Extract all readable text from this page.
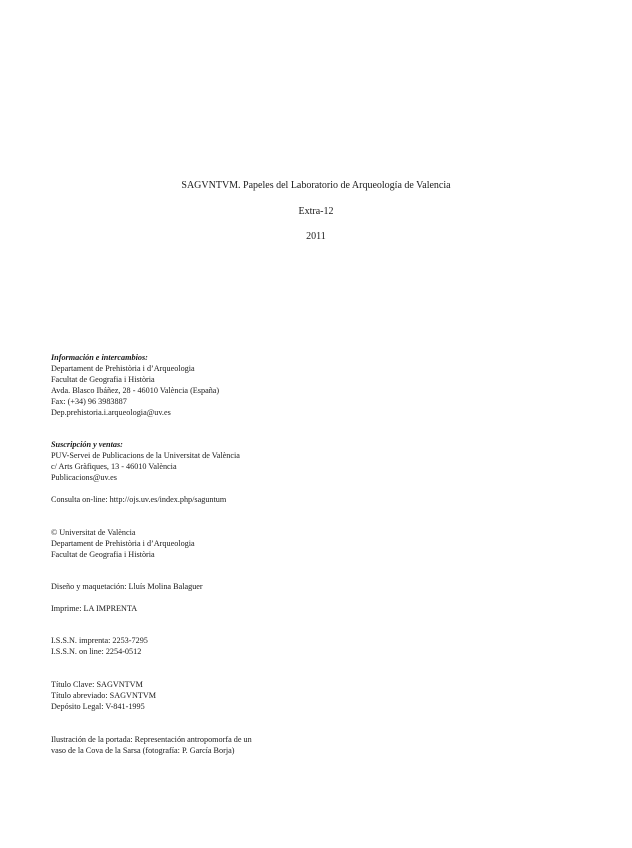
SAGVNTVM. Papeles del Laboratorio de Arqueología de Valencia
Extra-12
2011

Información e intercambios:

Departament de Prehistòria i d’Arqueologia

Facultat de Geografia i Història

Avda. Blasco Ibáñez, 28 - 46010 València (España)

Fax: (+34) 96 3983887

Dep.prehistoria.i.arqueologia@uv.es

Suscripción y ventas:

PUV-Servei de Publicacions de la Universitat de València

c/ Arts Gràfiques, 13 - 46010 València

Publicacions@uv.es

Consulta on-line: http://ojs.uv.es/index.php/saguntum

© Universitat de València

Departament de Prehistòria i d’Arqueologia

Facultat de Geografia i Història

Diseño y maquetación: Lluís Molina Balaguer

Imprime: LA IMPRENTA

I.S.S.N. imprenta: 2253-7295

I.S.S.N. on line: 2254-0512

Título Clave: SAGVNTVM

Título abreviado: SAGVNTVM

Depósito Legal: V-841-1995

Ilustración de la portada: Representación antropomorfa de un

vaso de la Cova de la Sarsa (fotografía: P. García Borja)
